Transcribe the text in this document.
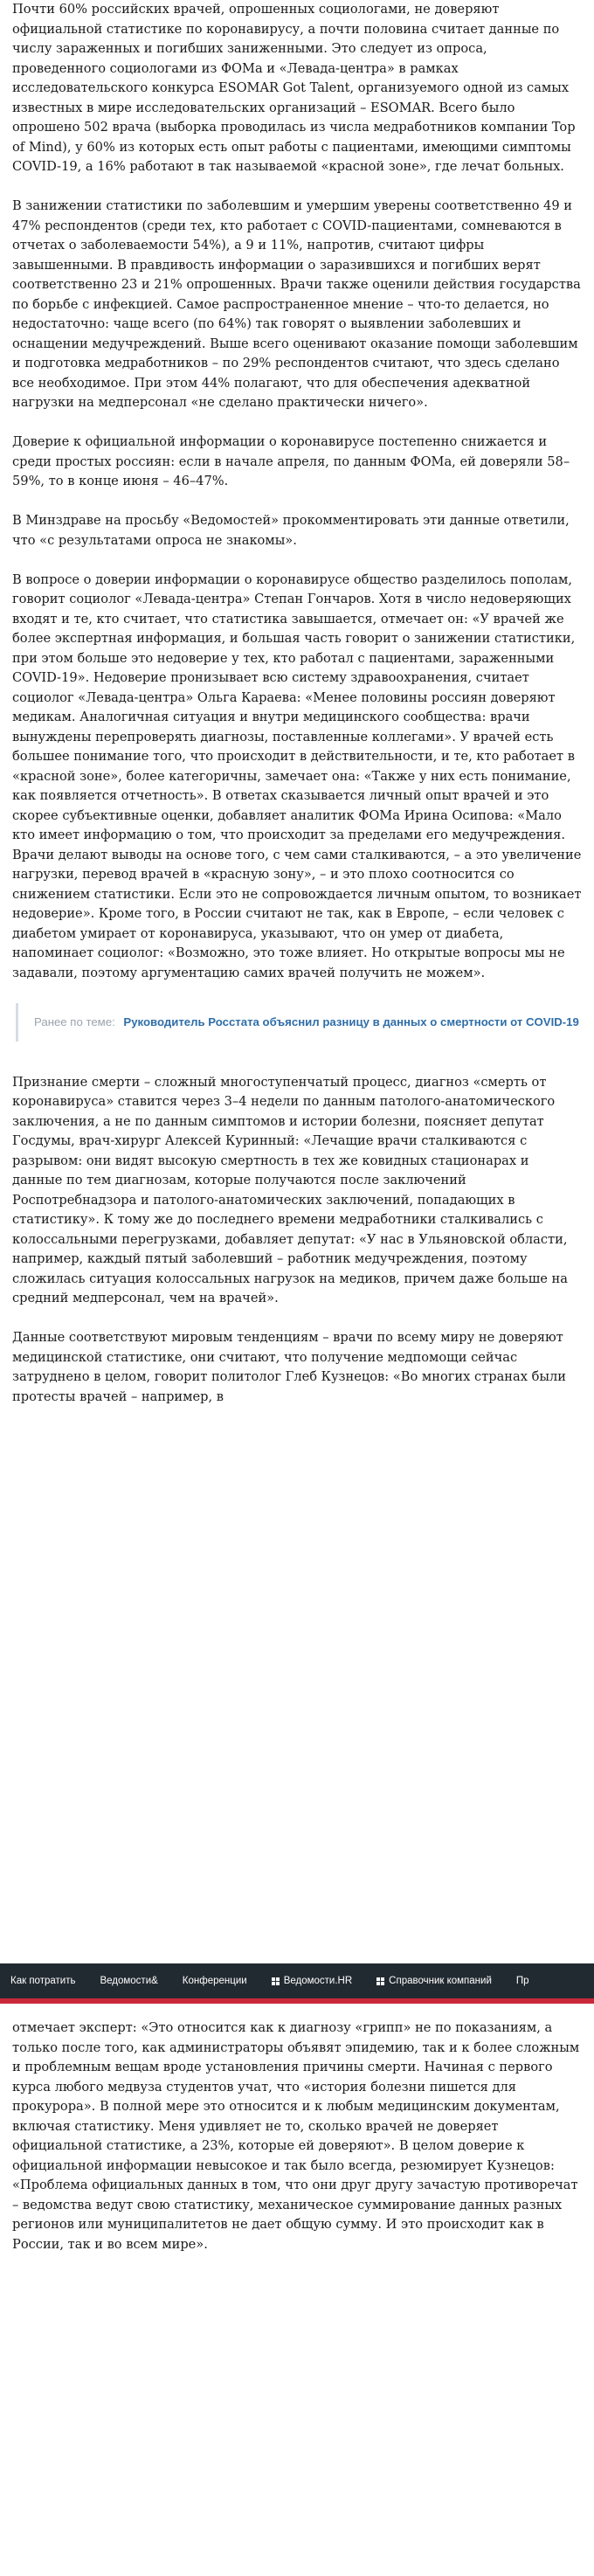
Почти 60% российских врачей, опрошенных социологами, не доверяют официальной статистике по коронавирусу, а почти половина считает данные по числу зараженных и погибших заниженными. Это следует из опроса, проведенного социологами из ФОМа и «Левада-центра» в рамках исследовательского конкурса ESOMAR Got Talent, организуемого одной из самых известных в мире исследовательских организаций – ESOMAR. Всего было опрошено 502 врача (выборка проводилась из числа медработников компании Top of Mind), у 60% из которых есть опыт работы с пациентами, имеющими симптомы COVID-19, а 16% работают в так называемой «красной зоне», где лечат больных.

В занижении статистики по заболевшим и умершим уверены соответственно 49 и 47% респондентов (среди тех, кто работает с COVID-пациентами, сомневаются в отчетах о заболеваемости 54%), а 9 и 11%, напротив, считают цифры завышенными. В правдивость информации о заразившихся и погибших верят соответственно 23 и 21% опрошенных. Врачи также оценили действия государства по борьбе с инфекцией. Самое распространенное мнение – что-то делается, но недостаточно: чаще всего (по 64%) так говорят о выявлении заболевших и оснащении медучреждений. Выше всего оценивают оказание помощи заболевшим и подготовка медработников – по 29% респондентов считают, что здесь сделано все необходимое. При этом 44% полагают, что для обеспечения адекватной нагрузки на медперсонал «не сделано практически ничего».

Доверие к официальной информации о коронавирусе постепенно снижается и среди простых россиян: если в начале апреля, по данным ФОМа, ей доверяли 58–59%, то в конце июня – 46–47%.

В Минздраве на просьбу «Ведомостей» прокомментировать эти данные ответили, что «с результатами опроса не знакомы».

В вопросе о доверии информации о коронавирусе общество разделилось пополам, говорит социолог «Левада-центра» Степан Гончаров. Хотя в число недоверяющих входят и те, кто считает, что статистика завышается, отмечает он: «У врачей же более экспертная информация, и большая часть говорит о занижении статистики, при этом больше это недоверие у тех, кто работал с пациентами, зараженными COVID-19». Недоверие пронизывает всю систему здравоохранения, считает социолог «Левада-центра» Ольга Караева: «Менее половины россиян доверяют медикам. Аналогичная ситуация и внутри медицинского сообщества: врачи вынуждены перепроверять диагнозы, поставленные коллегами». У врачей есть большее понимание того, что происходит в действительности, и те, кто работает в «красной зоне», более категоричны, замечает она: «Также у них есть понимание, как появляется отчетность». В ответах сказывается личный опыт врачей и это скорее субъективные оценки, добавляет аналитик ФОМа Ирина Осипова: «Мало кто имеет информацию о том, что происходит за пределами его медучреждения. Врачи делают выводы на основе того, с чем сами сталкиваются, – а это увеличение нагрузки, перевод врачей в «красную зону», – и это плохо соотносится со снижением статистики. Если это не сопровождается личным опытом, то возникает недоверие». Кроме того, в России считают не так, как в Европе, – если человек с диабетом умирает от коронавируса, указывают, что он умер от диабета, напоминает социолог: «Возможно, это тоже влияет. Но открытые вопросы мы не задавали, поэтому аргументацию самих врачей получить не можем».

Ранее по теме: Руководитель Росстата объяснил разницу в данных о смертности от COVID-19

Признание смерти – сложный многоступенчатый процесс, диагноз «смерть от коронавируса» ставится через 3–4 недели по данным патолого-анатомического заключения, а не по данным симптомов и истории болезни, поясняет депутат Госдумы, врач-хирург Алексей Куринный: «Лечащие врачи сталкиваются с разрывом: они видят высокую смертность в тех же ковидных стационарах и данные по тем диагнозам, которые получаются после заключений Роспотребнадзора и патолого-анатомических заключений, попадающих в статистику». К тому же до последнего времени медработники сталкивались с колоссальными перегрузками, добавляет депутат: «У нас в Ульяновской области, например, каждый пятый заболевший – работник медучреждения, поэтому сложилась ситуация колоссальных нагрузок на медиков, причем даже больше на средний медперсонал, чем на врачей».

Данные соответствуют мировым тенденциям – врачи по всему миру не доверяют медицинской статистике, они считают, что получение медпомощи сейчас затруднено в целом, говорит политолог Глеб Кузнецов: «Во многих странах были протесты врачей – например, в

Как потратить Ведомости& Конференции	Ведомости.HR	Справочник компаний Пр

отмечает эксперт: «Это относится как к диагнозу «грипп» не по показаниям, а только после того, как администраторы объявят эпидемию, так и к более сложным и проблемным вещам вроде установления причины смерти. Начиная с первого курса любого медвуза студентов учат, что «история болезни пишется для прокурора». В полной мере это относится и к любым медицинским документам, включая статистику. Меня удивляет не то, сколько врачей не доверяет официальной статистике, а 23%, которые ей доверяют». В целом доверие к официальной информации невысокое и так было всегда, резюмирует Кузнецов: «Проблема официальных данных в том, что они друг другу зачастую противоречат – ведомства ведут свою статистику, механическое суммирование данных разных регионов или муниципалитетов не дает общую сумму. И это происходит как в России, так и во всем мире».
